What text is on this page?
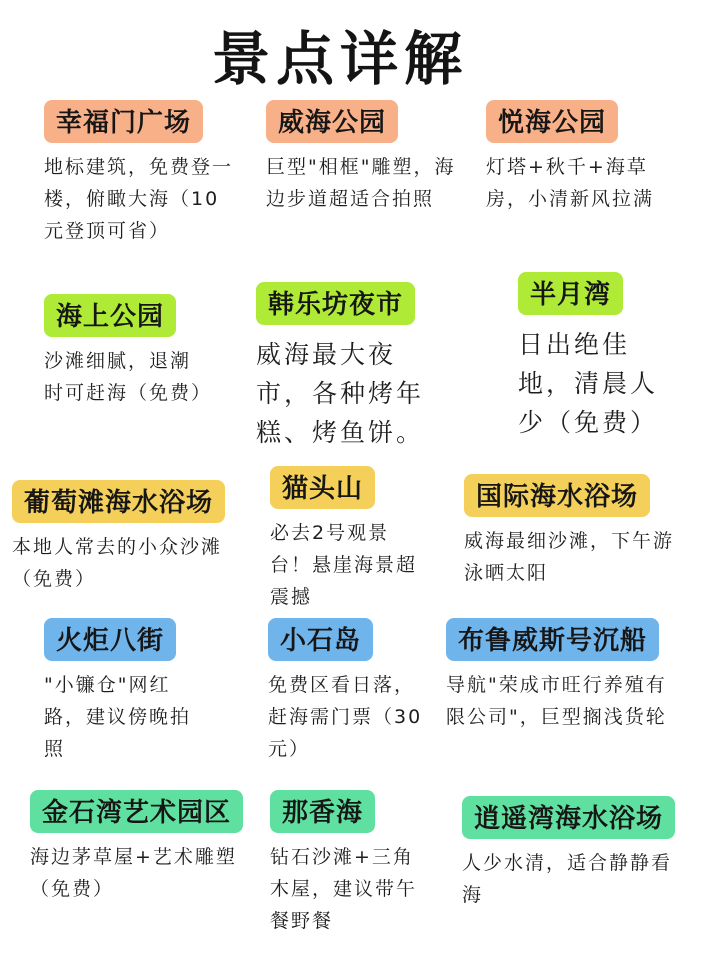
景点详解
幸福门广场
地标建筑，免费登一楼，俯瞰大海（10元登顶可省）
威海公园
巨型"相框"雕塑，海边步道超适合拍照
悦海公园
灯塔+秋千+海草房，小清新风拉满
海上公园
沙滩细腻，退潮时可赶海（免费）
韩乐坊夜市
威海最大夜市，各种烤年糕、烤鱼饼。
半月湾
日出绝佳地，清晨人少（免费）
葡萄滩海水浴场
本地人常去的小众沙滩（免费）
猫头山
必去2号观景台！悬崖海景超震撼
国际海水浴场
威海最细沙滩，下午游泳晒太阳
火炬八街
"小镰仓"网红路，建议傍晚拍照
小石岛
免费区看日落，赶海需门票（30元）
布鲁威斯号沉船
导航"荣成市旺行养殖有限公司"，巨型搁浅货轮
金石湾艺术园区
海边茅草屋+艺术雕塑（免费）
那香海
钻石沙滩+三角木屋，建议带午餐野餐
逍遥湾海水浴场
人少水清，适合静静看海
